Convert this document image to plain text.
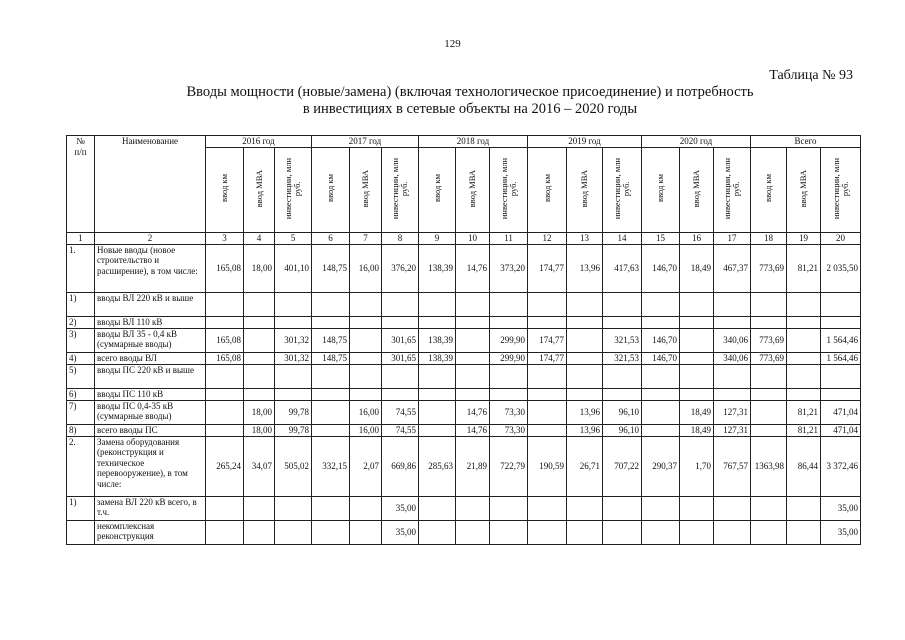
129
Таблица № 93
Вводы мощности (новые/замена) (включая технологическое присоединение) и потребность
в инвестициях в сетевые объекты на 2016 – 2020 годы
№
п/п	Наименование	2016 год			2017 год			2018 год			2019 год			2020 год			Всего		
		ввод км	ввод МВА	инвестиции, млн
руб.	ввод км	ввод МВА	инвестиции, млн
руб.	ввод км	ввод МВА	инвестиции, млн
руб.	ввод км	ввод МВА	инвестиции, млн
руб.	ввод км	ввод МВА	инвестиции, млн
руб.	ввод км	ввод МВА	инвестиции, млн
руб.
1	2	3	4	5	6	7	8	9	10	11	12	13	14	15	16	17	18	19	20
1.	Новые вводы (новое строительство и расширение), в том числе:	165,08	18,00	401,10	148,75	16,00	376,20	138,39	14,76	373,20	174,77	13,96	417,63	146,70	18,49	467,37	773,69	81,21	2 035,50
1)	вводы ВЛ 220 кВ и выше																		
2)	вводы ВЛ 110 кВ																		
3)	вводы ВЛ 35 - 0,4 кВ (суммарные вводы)	165,08		301,32	148,75		301,65	138,39		299,90	174,77		321,53	146,70		340,06	773,69		1 564,46
4)	всего вводы ВЛ	165,08		301,32	148,75		301,65	138,39		299,90	174,77		321,53	146,70		340,06	773,69		1 564,46
5)	вводы ПС 220 кВ и выше																		
6)	вводы ПС 110 кВ																		
7)	вводы ПС 0,4-35 кВ (суммарные вводы)		18,00	99,78		16,00	74,55		14,76	73,30		13,96	96,10		18,49	127,31		81,21	471,04
8)	всего вводы ПС		18,00	99,78		16,00	74,55		14,76	73,30		13,96	96,10		18,49	127,31		81,21	471,04
2.	Замена оборудования (реконструкция и техническое перевооружение), в том числе:	265,24	34,07	505,02	332,15	2,07	669,86	285,63	21,89	722,79	190,59	26,71	707,22	290,37	1,70	767,57	1363,98	86,44	3 372,46
1)	замена ВЛ 220 кВ всего, в т.ч.						35,00												35,00
	некомплексная реконструкция						35,00												35,00
